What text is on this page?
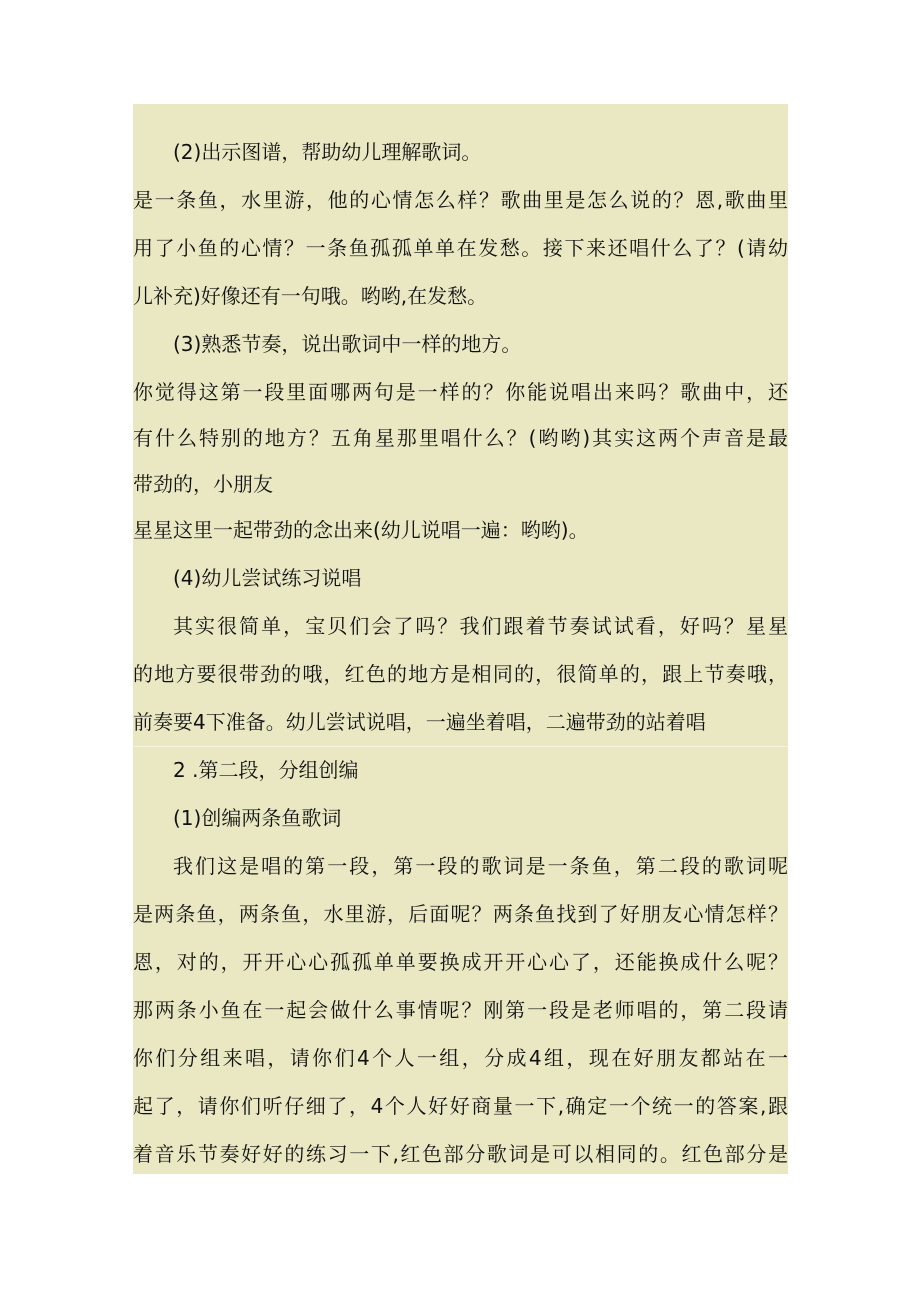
(2)出示图谱，帮助幼儿理解歌词。
是一条鱼，水里游，他的心情怎么样？歌曲里是怎么说的？恩,歌曲里
用了小鱼的心情？一条鱼孤孤单单在发愁。接下来还唱什么了？(请幼
儿补充)好像还有一句哦。哟哟,在发愁。
(3)熟悉节奏，说出歌词中一样的地方。
你觉得这第一段里面哪两句是一样的？你能说唱出来吗？歌曲中，还
有什么特别的地方？五角星那里唱什么？(哟哟)其实这两个声音是最
带劲的，小朋友
星星这里一起带劲的念出来(幼儿说唱一遍：哟哟)。
(4)幼儿尝试练习说唱
其实很简单，宝贝们会了吗？我们跟着节奏试试看，好吗？星星
的地方要很带劲的哦，红色的地方是相同的，很简单的，跟上节奏哦，
前奏要4下准备。幼儿尝试说唱，一遍坐着唱，二遍带劲的站着唱
2 .第二段，分组创编
(1)创编两条鱼歌词
我们这是唱的第一段，第一段的歌词是一条鱼，第二段的歌词呢
是两条鱼，两条鱼，水里游，后面呢？两条鱼找到了好朋友心情怎样？
恩，对的，开开心心孤孤单单要换成开开心心了，还能换成什么呢？
那两条小鱼在一起会做什么事情呢？刚第一段是老师唱的，第二段请
你们分组来唱，请你们4个人一组，分成4组，现在好朋友都站在一
起了，请你们听仔细了，4个人好好商量一下,确定一个统一的答案,跟
着音乐节奏好好的练习一下,红色部分歌词是可以相同的。红色部分是
